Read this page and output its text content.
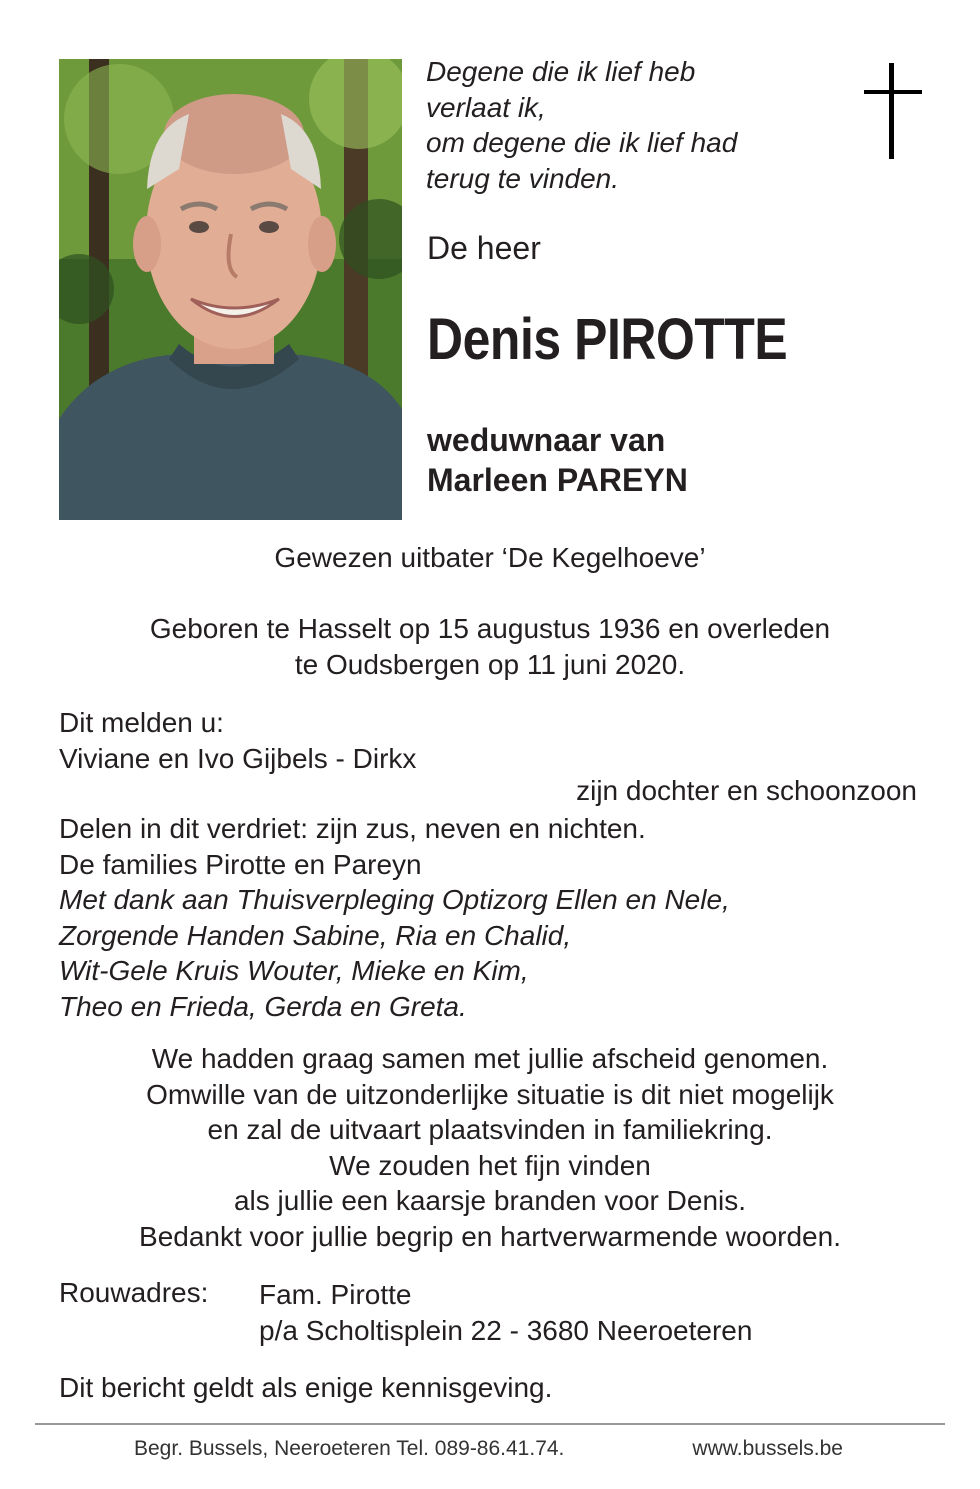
Degene die ik lief heb
verlaat ik,
om degene die ik lief had
terug te vinden.
De heer
Denis PIROTTE
weduwnaar van
Marleen PAREYN
Gewezen uitbater ‘De Kegelhoeve’
Geboren te Hasselt op 15 augustus 1936 en overleden
te Oudsbergen op 11 juni 2020.
Dit melden u:
Viviane en Ivo Gijbels - Dirkx
zijn dochter en schoonzoon
Delen in dit verdriet: zijn zus, neven en nichten.
De families Pirotte en Pareyn
Met dank aan Thuisverpleging Optizorg Ellen en Nele,
Zorgende Handen Sabine, Ria en Chalid,
Wit-Gele Kruis Wouter, Mieke en Kim,
Theo en Frieda, Gerda en Greta.
We hadden graag samen met jullie afscheid genomen.
Omwille van de uitzonderlijke situatie is dit niet mogelijk
en zal de uitvaart plaatsvinden in familiekring.
We zouden het fijn vinden
als jullie een kaarsje branden voor Denis.
Bedankt voor jullie begrip en hartverwarmende woorden.
Rouwadres: Fam. Pirotte
p/a Scholtisplein 22 - 3680 Neeroeteren
Dit bericht geldt als enige kennisgeving.
Begr. Bussels, Neeroeteren Tel. 089-86.41.74.	www.bussels.be
